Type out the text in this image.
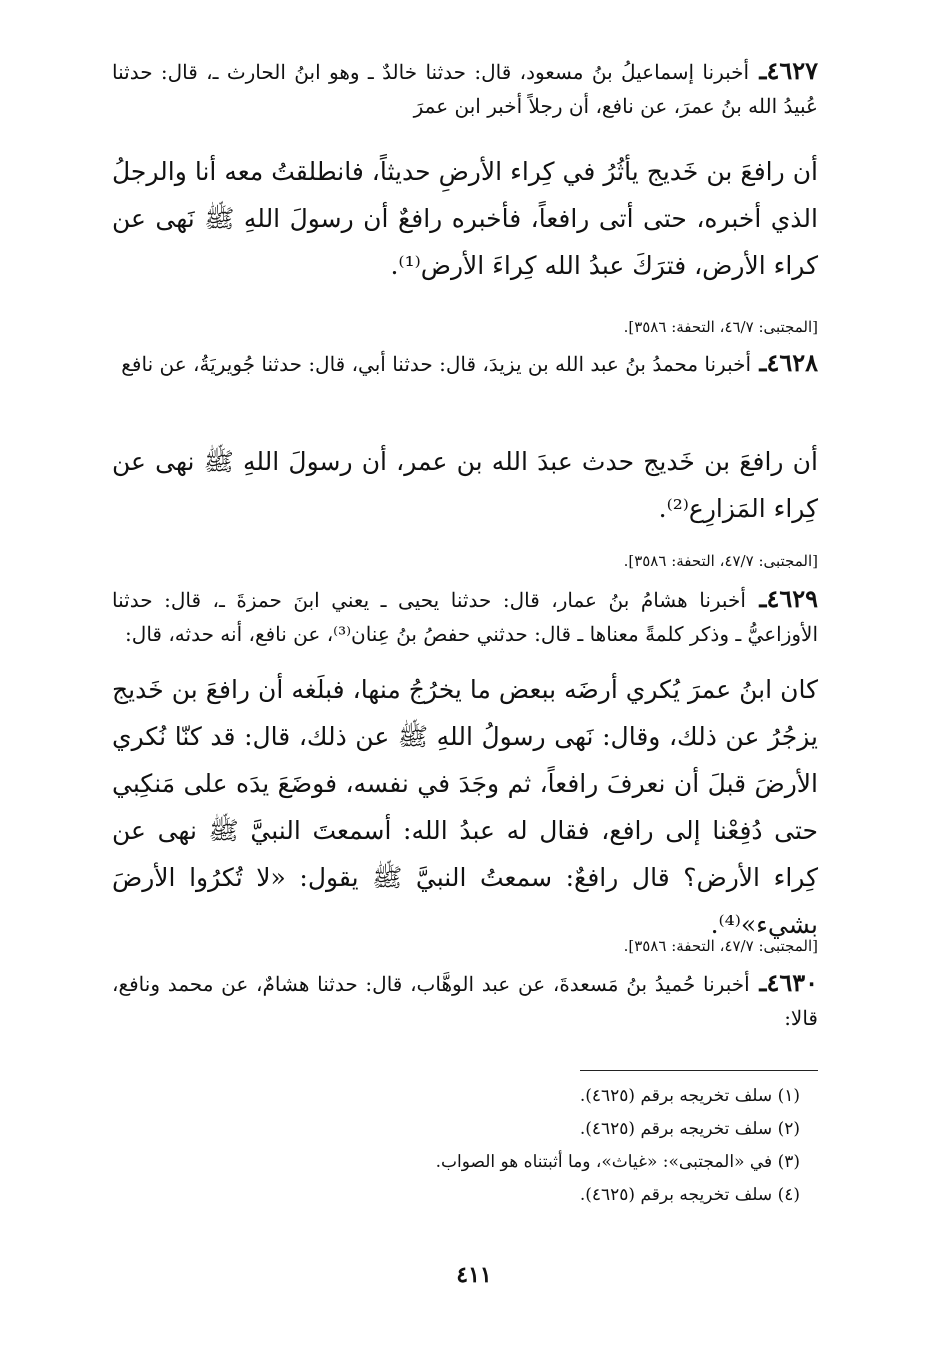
٤٦٢٧ـ أخبرنا إسماعيلُ بنُ مسعود، قال: حدثنا خالدٌ ـ وهو ابنُ الحارث ـ، قال: حدثنا عُبيدُ الله بنُ عمرَ، عن نافع، أن رجلاً أخبر ابن عمرَ
أن رافعَ بن خَديج يأثُرُ في كِراء الأرضِ حديثاً، فانطلقتُ معه أنا والرجلُ الذي أخبره، حتى أتى رافعاً، فأخبره رافعٌ أن رسولَ اللهِ ﷺ نَهى عن كراء الأرض، فترَكَ عبدُ الله كِراءَ الأرض⁽¹⁾.
[المجتبى: ٤٦/٧، التحفة: ٣٥٨٦].
٤٦٢٨ـ أخبرنا محمدُ بنُ عبد الله بن يزيدَ، قال: حدثنا أبي، قال: حدثنا جُويريَةُ، عن نافع
أن رافعَ بن خَديج حدث عبدَ الله بن عمر، أن رسولَ اللهِ ﷺ نهى عن كِراء المَزارِع⁽²⁾.
[المجتبى: ٤٧/٧، التحفة: ٣٥٨٦].
٤٦٢٩ـ أخبرنا هشامُ بنُ عمار، قال: حدثنا يحيى ـ يعني ابنَ حمزةَ ـ، قال: حدثنا الأوزاعيُّ ـ وذكر كلمةً معناها ـ قال: حدثني حفصُ بنُ عِنان⁽³⁾، عن نافع، أنه حدثه، قال:
كان ابنُ عمرَ يُكري أرضَه ببعض ما يخرُجُ منها، فبلَغه أن رافعَ بن خَديج يزجُرُ عن ذلك، وقال: نَهى رسولُ اللهِ ﷺ عن ذلك، قال: قد كنّا نُكري الأرضَ قبلَ أن نعرفَ رافعاً، ثم وجَدَ في نفسه، فوضَعَ يدَه على مَنكِبي حتى دُفِعْنا إلى رافع، فقال له عبدُ الله: أسمعتَ النبيَّ ﷺ نهى عن كِراء الأرض؟ قال رافعٌ: سمعتُ النبيَّ ﷺ يقول: «لا تُكرُوا الأرضَ بشيء»⁽⁴⁾.
[المجتبى: ٤٧/٧، التحفة: ٣٥٨٦].
٤٦٣٠ـ أخبرنا حُميدُ بنُ مَسعدةَ، عن عبد الوهَّاب، قال: حدثنا هشامٌ، عن محمد ونافع، قالا:
(١) سلف تخريجه برقم (٤٦٢٥).
(٢) سلف تخريجه برقم (٤٦٢٥).
(٣) في «المجتبى»: «غياث»، وما أثبتناه هو الصواب.
(٤) سلف تخريجه برقم (٤٦٢٥).
٤١١
